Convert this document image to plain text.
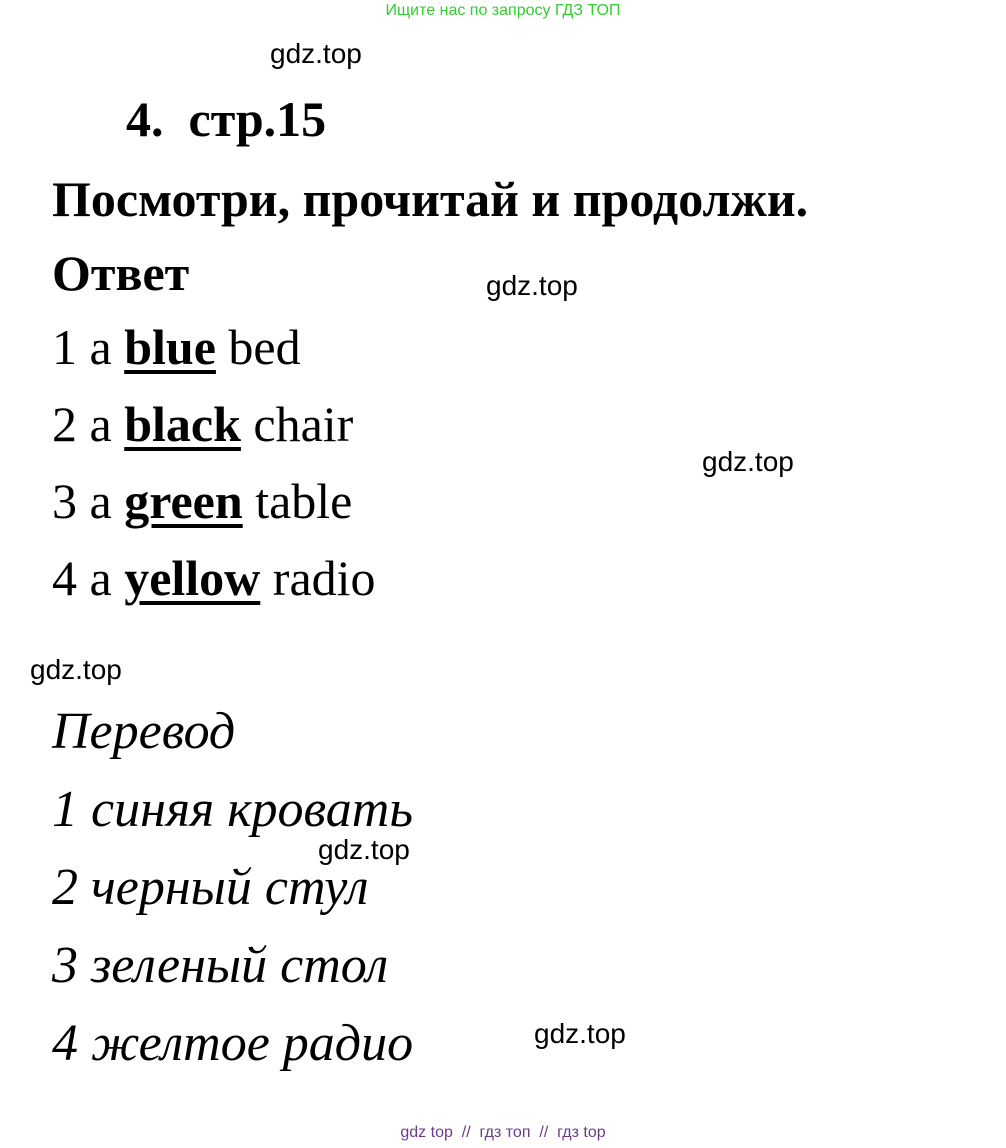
Ищите нас по запросу ГДЗ ТОП
gdz.top
gdz.top
gdz.top
gdz.top
gdz.top
gdz.top
4. стр.15
Посмотри, прочитай и продолжи.
Ответ
1 a blue bed
2 a black chair
3 a green table
4 a yellow radio
Перевод
1 синяя кровать
2 черный стул
3 зеленый стол
4 желтое радио
gdz top  //  гдз топ  //  гдз top
